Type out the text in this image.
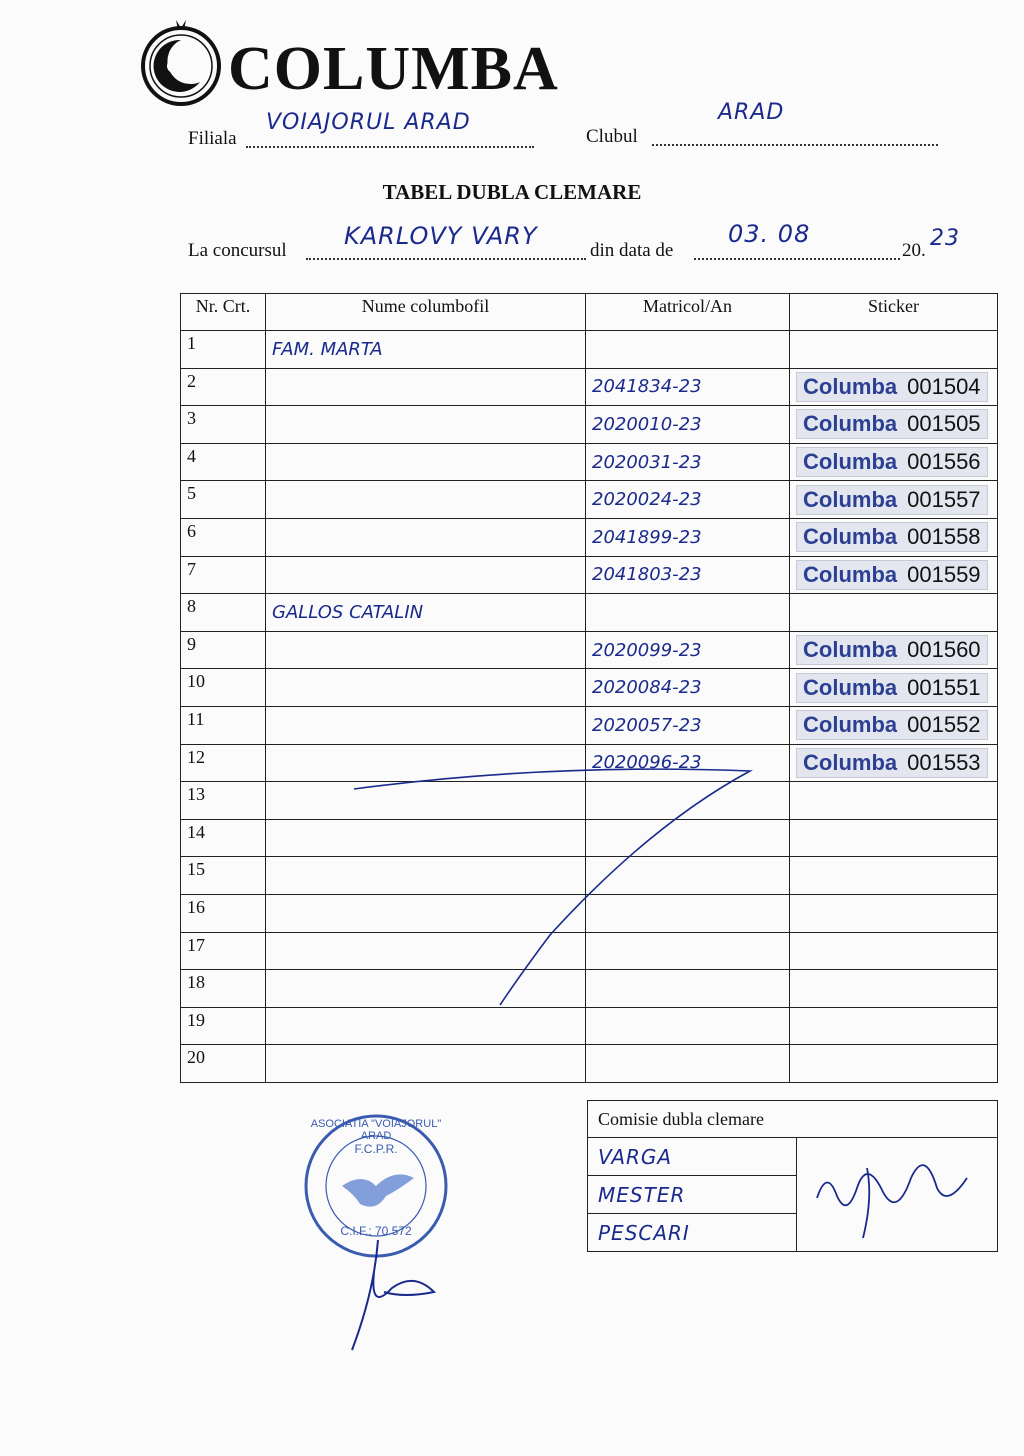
COLUMBA
Filiala
VOIAJORUL ARAD
Clubul
ARAD
TABEL DUBLA CLEMARE
La concursul
KARLOVY VARY
din data de
03. 08
20. 23
Nr. Crt.	Nume columbofil	Matricol/An	Sticker
1	FAM. MARTA		
2		2041834-23	Columba 001504
3		2020010-23	Columba 001505
4		2020031-23	Columba 001556
5		2020024-23	Columba 001557
6		2041899-23	Columba 001558
7		2041803-23	Columba 001559
8	GALLOS CATALIN		
9		2020099-23	Columba 001560
10		2020084-23	Columba 001551
11		2020057-23	Columba 001552
12		2020096-23	Columba 001553
13			
14			
15			
16			
17			
18			
19			
20			
ASOCIATIA "VOIAJORUL" ARAD
F.C.P.R.
C.I.F.: 70 572
Comisie dubla clemare
VARGA	
MESTER
PESCARI
